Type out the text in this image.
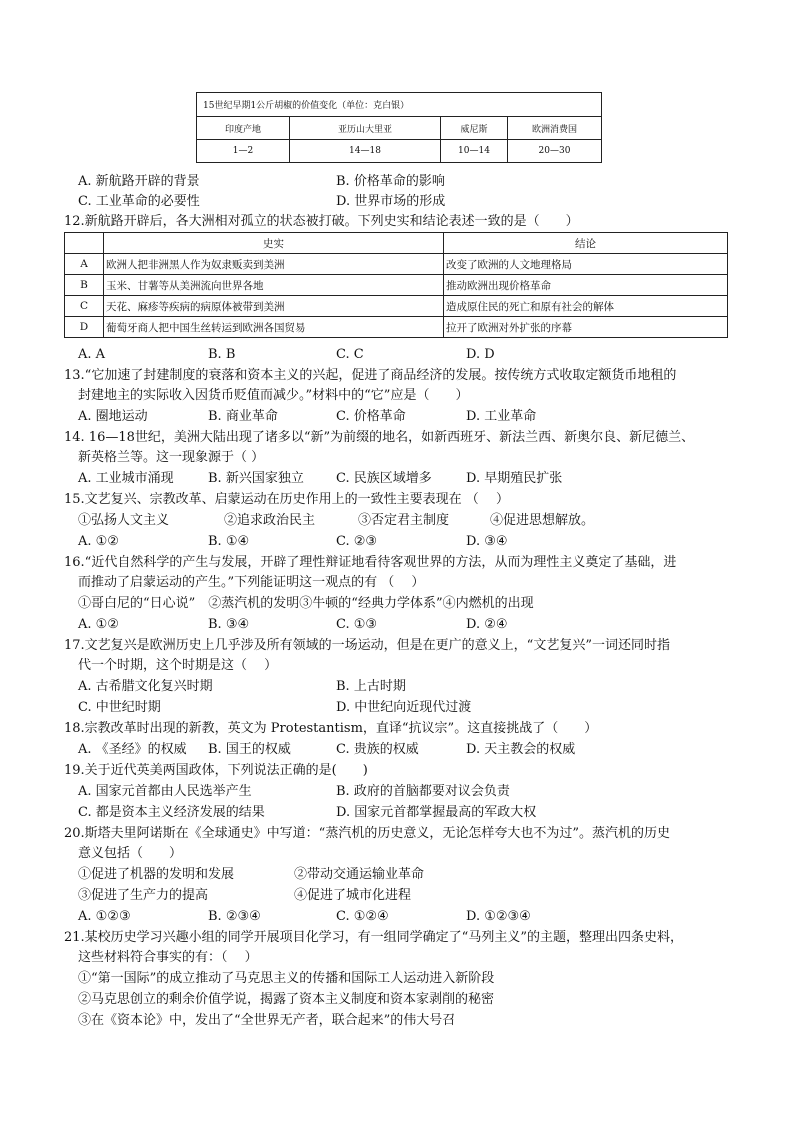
15世纪早期1公斤胡椒的价值变化（单位：克白银）			
印度产地	亚历山大里亚	威尼斯	欧洲消费国
1—2	14—18	10—14	20—30
A. 新航路开辟的背景	B. 价格革命的影响
C. 工业革命的必要性	D. 世界市场的形成
12.新航路开辟后，各大洲相对孤立的状态被打破。下列史实和结论表述一致的是（　　）
	史实	结论
A	欧洲人把非洲黑人作为奴隶贩卖到美洲	改变了欧洲的人文地理格局
B	玉米、甘薯等从美洲流向世界各地	推动欧洲出现价格革命
C	天花、麻疹等疾病的病原体被带到美洲	造成原住民的死亡和原有社会的解体
D	葡萄牙商人把中国生丝转运到欧洲各国贸易	拉开了欧洲对外扩张的序幕
A. A	B. B	C. C	D. D
13.“它加速了封建制度的衰落和资本主义的兴起，促进了商品经济的发展。按传统方式收取定额货币地租的
封建地主的实际收入因货币贬值而减少。”材料中的“它”应是（　　）
A. 圈地运动	B. 商业革命	C. 价格革命	D. 工业革命
14. 16—18世纪，美洲大陆出现了诸多以“新”为前缀的地名，如新西班牙、新法兰西、新奥尔良、新尼德兰、
新英格兰等。这一现象源于（ ）
A. 工业城市涌现	B. 新兴国家独立 C. 民族区域增多	D. 早期殖民扩张
15.文艺复兴、宗教改革、启蒙运动在历史作用上的一致性主要表现在 （　 ）
①弘扬人文主义	②追求政治民主	③否定君主制度	④促进思想解放。
A. ①②	B. ①④	C. ②③	D. ③④
16.“近代自然科学的产生与发展，开辟了理性辩证地看待客观世界的方法，从而为理性主义奠定了基础，进
而推动了启蒙运动的产生。”下列能证明这一观点的有 （　 ）
①哥白尼的“日心说”　②蒸汽机的发明③牛顿的“经典力学体系”④内燃机的出现
A. ①②	B. ③④	C. ①③	D. ②④
17.文艺复兴是欧洲历史上几乎涉及所有领域的一场运动，但是在更广的意义上，“文艺复兴”一词还同时指
代一个时期，这个时期是这（　 ）
A. 古希腊文化复兴时期	B. 上古时期
C. 中世纪时期	D. 中世纪向近现代过渡
18.宗教改革时出现的新教，英文为 Protestantism，直译“抗议宗”。这直接挑战了（　　）
A. 《圣经》的权威 B. 国王的权威	C. 贵族的权威	D. 天主教会的权威
19.关于近代英美两国政体，下列说法正确的是(　　)
A. 国家元首都由人民选举产生	B. 政府的首脑都要对议会负责
C. 都是资本主义经济发展的结果	D. 国家元首都掌握最高的军政大权
20.斯塔夫里阿诺斯在《全球通史》中写道：“蒸汽机的历史意义，无论怎样夸大也不为过”。蒸汽机的历史
意义包括（　　）
①促进了机器的发明和发展	②带动交通运输业革命
③促进了生产力的提高	④促进了城市化进程
A. ①②③	B. ②③④	C. ①②④	D. ①②③④
21.某校历史学习兴趣小组的同学开展项目化学习，有一组同学确定了“马列主义”的主题，整理出四条史料，
这些材料符合事实的有：（　 ）
①“第一国际”的成立推动了马克思主义的传播和国际工人运动进入新阶段
②马克思创立的剩余价值学说，揭露了资本主义制度和资本家剥削的秘密
③在《资本论》中，发出了“全世界无产者，联合起来”的伟大号召
